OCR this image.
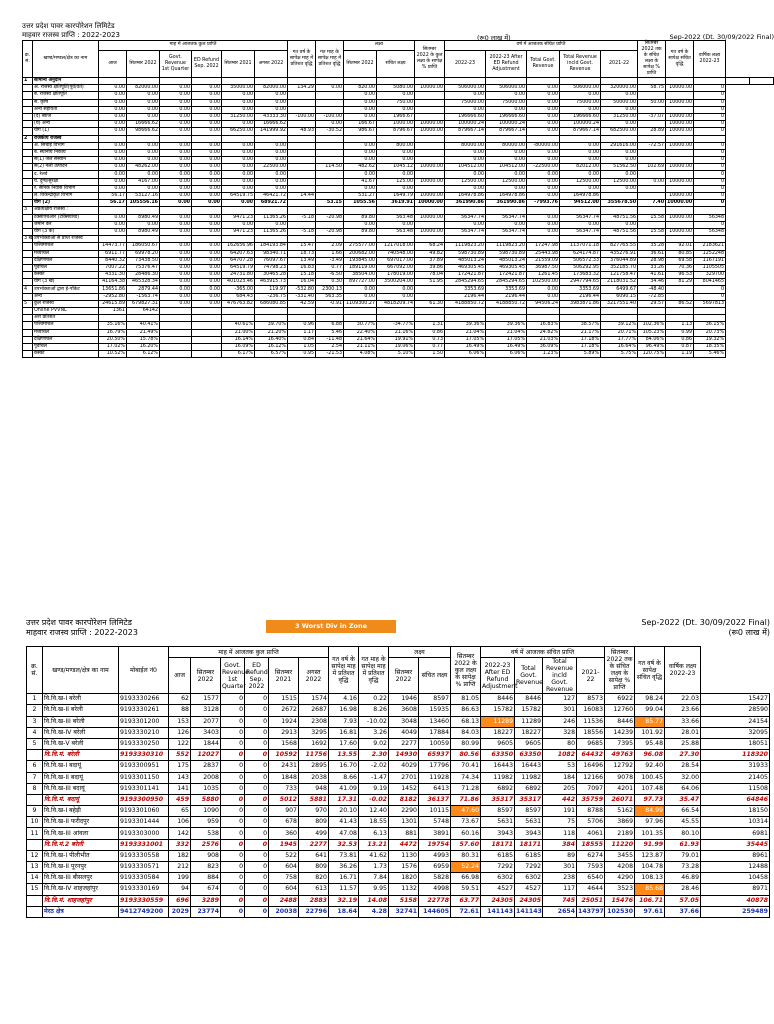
उत्तर प्रदेश पावर कारपोरेशन लिमिटेड
माहवार राजस्व प्राप्ति : 2022-2023	(रू0 लाख में)	Sep-2022 (Dt. 30/09/2022 Final)
क्र. सं.	खण्ड/मण्डल/क्षेत्र का नाम	माह में आजतक कुल प्राप्ति						गत वर्ष के सापेक्ष माह में प्रतिशत वृद्धि	गत माह के सापेक्ष माह में प्रतिशत वृद्धि	लक्ष्य		सितम्बर 2022 के कुल लक्ष्य के सापेक्ष % प्राप्ति	वर्ष में आजतक संचित प्राप्ति					सितम्बर 2022 तक के संचित लक्ष्य के सापेक्ष % प्राप्ति	गत वर्ष के सापेक्ष संचित वृद्धि	वार्षिक लक्ष्य 2022-23		
		आज	सितम्बर 2022	Govt. Revenue 1st Quarter	ED Refund Sep. 2022	सितम्बर 2021	अगस्त 2022			सितम्बर 2022	संचित लक्ष्य		2022-23	2022-23 After ED Refund Adjustment	Total Govt. Revenue	Total Revenue incld Govt. Revenue	2021-22					
1	सामान्य अनुदान																					
	अ. राजस्व क्षतिपूर्ति(पूर्व/वर्त)	0.00	82000.00	0.00	0.00	35000.00	82000.00	134.29	0.00	820.00	5080.00	10000.00	506000.00	506000.00	0.00	506000.00	320000.00	58.75	10000.00	0		
	ब. राजस्व क्षतिपूर्ति	0.00	0.00	0.00	0.00	0.00	0.00			0.00	0.00		0.00	0.00	0.00	0.00	0.00			0		
	स. कृषि	0.00	0.00	0.00	0.00	0.00	0.00			0.00	750.00		75000.00	75000.00	0.00	75000.00	50000.00	50.00	10000.00	0		
	अन्य सहायता	0.00	0.00	0.00	0.00	0.00	0.00			0.00	0.00		0.00	0.00	0.00	0.00	0.00			0		
	(द) ब्याज	0.00	0.00	0.00	0.00	31250.00	43333.30	-100.00	-100.00	0.00	1966.67		196666.60	196666.60	0.00	196666.60	31250.00	-37.07	10000.00	0		
	(य) अन्य	0.00	16666.62	0.00	0.00	0.00	16666.62		0.00	166.67	1000.00	10000.00	100000.24	100000.24	0.00	100000.24	0.00		10000.00	0		
	योग (1)	0.00	98666.62	0.00	0.00	66250.00	141999.92	48.93	-30.52	986.67	8796.67	10000.00	879667.14	879667.14	0.00	879667.14	682500.00	28.89	10000.00	0		
2	राजकीय राजस्व																					
	अ. सिंचाई विभाग	0.00	0.00	0.00	0.00	0.00	0.00			0.00	800.00		80000.00	80000.00	-80000.00	0.00	291616.00	-72.57	10000.00	0		
	ब. स्थानीय निकाय	0.00	0.00	0.00	0.00	0.00	0.00			0.00	0.00		0.00	0.00	0.00	0.00	0.00			0		
	स(1) जल संस्थान	0.00	0.00	0.00	0.00	0.00	0.00			0.00	0.00		0.00	0.00	0.00	0.00	0.00			0		
	स(2) नलो उत्पादन	0.00	48262.00	0.00	0.00	0.00	22500.00		114.50	482.62	1045.12	10000.00	104512.00	104512.00	-22500.00	82012.00	51562.50	102.69	10000.00	0		
	द. रेलवे	0.00	0.00	0.00	0.00	0.00	0.00			0.00	0.00		0.00	0.00	0.00	0.00	0.00			0		
	य. दुग्ध/सुरक्षा	0.00	4167.00	0.00	0.00	0.00	0.00			41.67	125.00	10000.00	12500.00	12500.00	0.00	12500.00	12500.00	0.00	10000.00	0		
	र. सैनिक निवास विभाग	0.00	0.00	0.00	0.00	0.00	0.00			0.00	0.00		0.00	0.00	0.00	0.00	0.00			0		
	ल. विकेन्द्रीकृत विभाग	56.17	53127.16	0.00	0.00	64519.75	46421.72	14.44		531.27	1649.79	10000.00	164978.86	164978.86	0.00	164978.86			10000.00	0		
	योग (2)	56.17	105556.16	0.00	0.00	0.00	68921.72		53.15	1055.56	3619.91	10000.00	361990.86	361990.86	-7993.76	94512.00	355678.50	7.40	10000.00	0		
3	अप्रत्यक्षीय राजस्व :																					
	टैक्सीएचआर (टैक्सियाँचा)	0.00	8980.49	0.00	0.00	9471.23	11365.26	-5.18	-20.98	89.80	563.48	10000.00	56347.74	56347.74	0.00	56347.74	48751.56	15.58	10000.00	56348		
	जमीन कर	0.00	0.00	0.00	0.00	0.00	0.00			0.00	0.00		0.00	0.00	0.00	0.00	0.00			0		
	योग (3 क)	0.00	8980.49	0.00	0.00	9471.23	11365.26	-5.18	-20.98	89.80	563.48	10000.00	56347.74	56347.74	0.00	56347.74	48751.56	15.58	10000.00	56348		
3 ख	उपभोक्ताओं से प्राप्त राजस्व																					
	पश्चिमांचल	14473.77	186050.67	0.00	0.00	162656.96	184193.84	15.47	2.09	275577.00	1217018.00	68.24	1119823.20	1119823.20	17247.98	1137071.18	827765.55	35.28	92.01	2183621		
	मध्यांचल	6911.77	69978.20	0.00	0.00	64207.63	98340.71	18.73	1.66	200682.00	740548.00	49.82	598730.89	598730.89	25443.98	624174.87	435276.91	36.61	80.85	1252248		
	दक्षिणांचल	8440.32	73438.50	0.00	0.00	64707.28	76097.67	13.49	-3.49	193845.00	697017.00	37.89	485013.24	485013.24	21559.09	506572.33	376044.89	28.98	69.58	1167191		
	पूर्वांचल	7007.22	75376.47	0.00	0.00	64519.79	74798.23	16.83	0.77	189119.00	667092.00	39.86	469305.45	469305.45	36987.50	506292.95	352185.70	33.26	70.36	1105505		
	केस्को	4331.30	28486.30	0.00	0.00	24731.80	30465.28	15.18	-6.50	38504.00	178019.00	78.04	172421.87	172421.87	1261.45	173683.32	121758.47	41.61	96.53	329700		
	योग (3 ख)	41164.38	465328.34	0.00	0.00	401023.46	463915.73	16.04	0.30	897727.00	3500204.00	51.95	2845294.65	2845294.65	102500.00	2947794.65	2118031.52	34.46	81.29	8041465		
4	उपभोक्ताओं द्वारा ई-पॉकेट	13651.86	2879.44	0.00	0.00	-365.00	119.97	-532.80	2300.13	0.00	0.00		3353.69	3353.69	0.00	3353.69	6499.67	-48.40		0		
	अन्य	-2952.80	-1563.74	0.00	0.00	684.43	-236.75	-331.40	563.35	0.00	0.00		2196.44	2196.44	0.00	2196.44	6090.15	-72.85		0		
5	कुल राजस्व	24615.89	679827.31	0.00	0.00	476763.82	686080.85	42.59	-0.91	1109300.27	4818209.74	61.30	4188850.72	4188850.72	94506.24	3983871.86	3217551.40	29.57	86.52	5697813		
	Online PVVNL	1361	64142																			
	अंश प्रतिशत																					
	पश्चिमांचल	35.16%	40.41%			40.61%	39.70%	0.96	6.88	30.77%	-34.77%	1.31	39.36%	39.36%	16.83%	38.57%	39.12%	102.36%	1.13	36.15%		
	मध्यांचल	16.79%	21.49%			21.00%	21.20%	1.17	5.46	22.40%	21.16%	0.86	21.04%	21.04%	24.82%	21.17%	20.71%	105.23%	0.99	20.73%		
	दक्षिणांचल	20.50%	15.78%			16.14%	16.40%	0.84	-11.48	21.64%	19.91%	0.73	17.05%	17.05%	21.03%	17.18%	17.77%	84.06%	0.86	19.32%		
	पूर्वांचल	17.02%	16.20%			16.09%	16.12%	1.05	2.54	21.11%	19.06%	0.77	16.49%	16.49%	36.09%	17.18%	16.64%	96.49%	0.87	18.35%		
	केस्को	10.52%	6.12%			6.17%	6.57%	0.95	-21.53	4.08%	5.10%	1.50	6.06%	6.06%	1.23%	5.89%	5.75%	120.75%	1.19	5.46%		
उत्तर प्रदेश पावर कारपोरेशन लिमिटेड
माहवार राजस्व प्राप्ति : 2022-2023
3 Worst Div in Zone	Sep-2022 (Dt. 30/09/2022 Final)
(रू0 लाख में)
क्र. सं.	खण्ड/मण्डल/क्षेत्र का नाम	मोबाईल नं0	माह में आजतक कुल प्राप्ति						गत वर्ष के सापेक्ष माह में प्रतिशत वृद्धि	गत माह के सापेक्ष माह में प्रतिशत वृद्धि	लक्ष्य		सितम्बर 2022 के कुल लक्ष्य के सापेक्ष % प्राप्ति	वर्ष में आजतक संचित प्राप्ति				सितम्बर 2022 तक के संचित लक्ष्य के सापेक्ष % प्राप्ति	गत वर्ष के सापेक्ष संचित वृद्धि	वार्षिक लक्ष्य 2022-23	
			आज	सितम्बर 2022	Govt. Revenue 1st Quarter	ED Refund Sep. 2022	सितम्बर 2021	अगस्त 2022			सितम्बर 2022	संचित लक्ष्य		2022-23 After ED Refund Adjustment	Total Govt. Revenue	Total Revenue incld Govt. Revenue	2021-22				
1	वि.वि.ख-I बरेली	9193330266	62	1577	0	0	1515	1574	4.16	0.22	1946	8597	81.05	8446	8446	127	8573	6922	98.24	22.03	15427
2	वि.वि.ख-II बरेली	9193330261	88	3128	0	0	2672	2687	16.98	8.26	3608	15935	86.63	15782	15782	301	16083	12760	99.04	23.66	28590
3	वि.वि.ख-III बरेली	9193301200	153	2077	0	0	1924	2308	7.93	-10.02	3048	13460	68.13	11289	11289	246	11536	8446	85.77	33.66	24154
4	वि.वि.ख-IV बरेली	9193330210	126	3403	0	0	2913	3295	16.81	3.26	4049	17884	84.03	18227	18227	328	18556	14239	101.92	28.01	32095
5	वि.वि.ख-V बरेली	9193330250	122	1844	0	0	1568	1692	17.60	9.02	2277	10059	80.99	9605	9605	80	9685	7395	95.48	25.88	18051
	वि.वि.मं. बरेली	9193330310	552	12027	0	0	10592	11756	13.55	2.30	14930	65937	80.56	63350	63350	1082	64432	49763	96.08	27.30	118320
6	वि.वि.ख-I बदायूं	9193300951	175	2837	0	0	2431	2895	16.70	-2.02	4029	17796	70.41	16443	16443	53	16496	12792	92.40	28.54	31933
7	वि.वि.ख-II बदायूं	9193301150	143	2008	0	0	1848	2038	8.66	-1.47	2701	11928	74.34	11982	11982	184	12166	9078	100.45	32.00	21405
8	वि.वि.ख-III बदायूं	9193301141	141	1035	0	0	733	948	41.09	9.19	1452	6413	71.28	6892	6892	205	7097	4201	107.48	64.06	11508
	वि.वि.मं. बदायूं	9193300950	459	5880	0	0	5012	5881	17.31	-0.02	8182	36137	71.86	35317	35317	442	35759	26071	97.73	35.47	64846
9	वि.वि.ख-I बहेड़ी	9193301060	65	1090	0	0	907	970	20.10	12.40	2290	10115	47.60	8597	8597	191	8788	5162	84.99	66.54	18150
10	वि.वि.ख-II फरीदपुर	9193301444	106	959	0	0	678	809	41.43	18.55	1301	5748	73.67	5631	5631	75	5706	3869	97.96	45.55	10314
11	वि.वि.ख-III आंवला	9193303000	142	538	0	0	360	499	47.08	6.13	881	3891	60.16	3943	3943	118	4061	2189	101.35	80.10	6981
	वि.वि.मं.2 बरेली	9193331001	332	2576	0	0	1945	2277	32.53	13.21	4472	19754	57.60	18171	18171	384	18555	11220	91.99	61.93	35445
12	वि.वि.ख-I पीलीभीत	9193330558	182	908	0	0	522	641	73.81	41.62	1130	4993	80.31	6185	6185	89	6274	3455	123.87	79.01	8961
13	वि.वि.ख-II पूरनपुर	9193330571	212	823	0	0	604	809	36.26	1.73	1576	6959	52.24	7292	7292	301	7593	4208	104.78	73.28	12488
14	वि.वि.ख-III बीसलपुर	9193330584	199	884	0	0	758	820	16.71	7.84	1820	5828	66.98	6302	6302	238	6540	4290	108.13	46.89	10458
15	वि.वि.ख-IV शाहजहांपुर	9193330169	94	674	0	0	604	613	11.57	9.95	1132	4998	59.51	4527	4527	117	4644	3523	85.68	28.46	8971
	वि.वि.मं. शाहजहांपुर	9193330559	696	3289	0	0	2488	2883	32.19	14.08	5158	22778	63.77	24305	24305	745	25051	15476	106.71	57.05	40878
	मेरठ क्षेत्र	9412749200	2029	23774	0	0	20038	22796	18.64	4.28	32741	144605	72.61	141143	141143	2654	143797	102530	97.61	37.66	259489
